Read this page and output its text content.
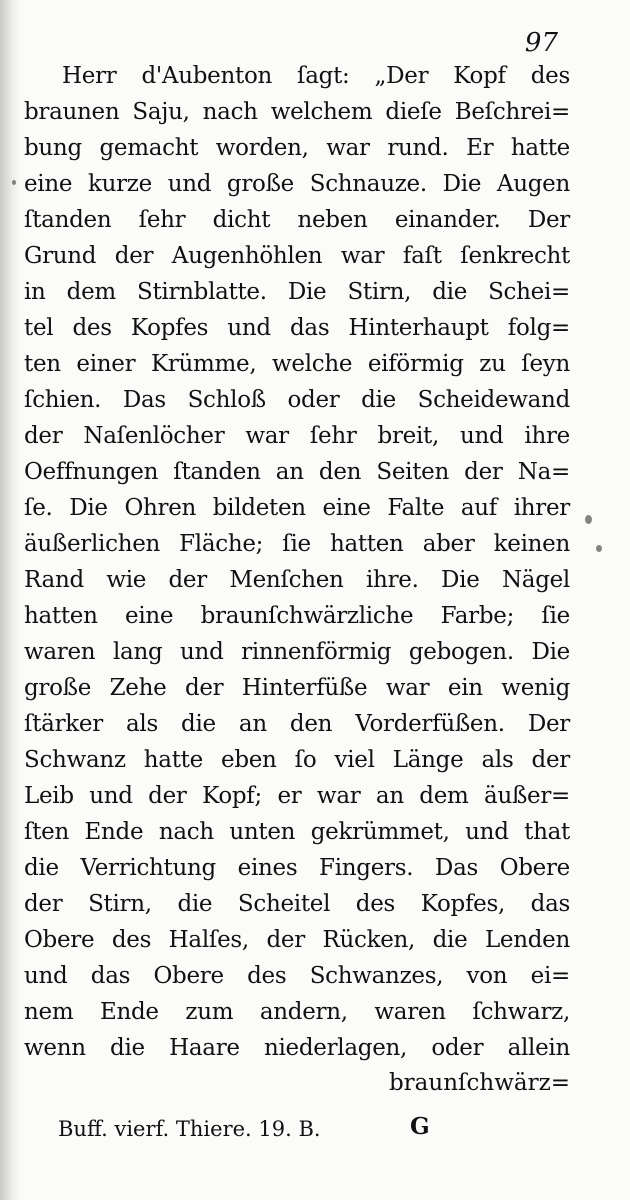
97
Herr d'Aubenton ſagt: „Der Kopf des
braunen Saju, nach welchem dieſe Beſchrei=
bung gemacht worden, war rund. Er hatte
eine kurze und große Schnauze. Die Augen
ſtanden ſehr dicht neben einander. Der
Grund der Augenhöhlen war faſt ſenkrecht
in dem Stirnblatte. Die Stirn, die Schei=
tel des Kopfes und das Hinterhaupt folg=
ten einer Krümme, welche eiförmig zu ſeyn
ſchien. Das Schloß oder die Scheidewand
der Naſenlöcher war ſehr breit, und ihre
Oeffnungen ſtanden an den Seiten der Na=
ſe. Die Ohren bildeten eine Falte auf ihrer
äußerlichen Fläche; ſie hatten aber keinen
Rand wie der Menſchen ihre. Die Nägel
hatten eine braunſchwärzliche Farbe; ſie
waren lang und rinnenförmig gebogen. Die
große Zehe der Hinterfüße war ein wenig
ſtärker als die an den Vorderfüßen. Der
Schwanz hatte eben ſo viel Länge als der
Leib und der Kopf; er war an dem äußer=
ſten Ende nach unten gekrümmet, und that
die Verrichtung eines Fingers. Das Obere
der Stirn, die Scheitel des Kopfes, das
Obere des Halſes, der Rücken, die Lenden
und das Obere des Schwanzes, von ei=
nem Ende zum andern, waren ſchwarz,
wenn die Haare niederlagen, oder allein
braunſchwärz=
Buff. vierf. Thiere. 19. B.	G
